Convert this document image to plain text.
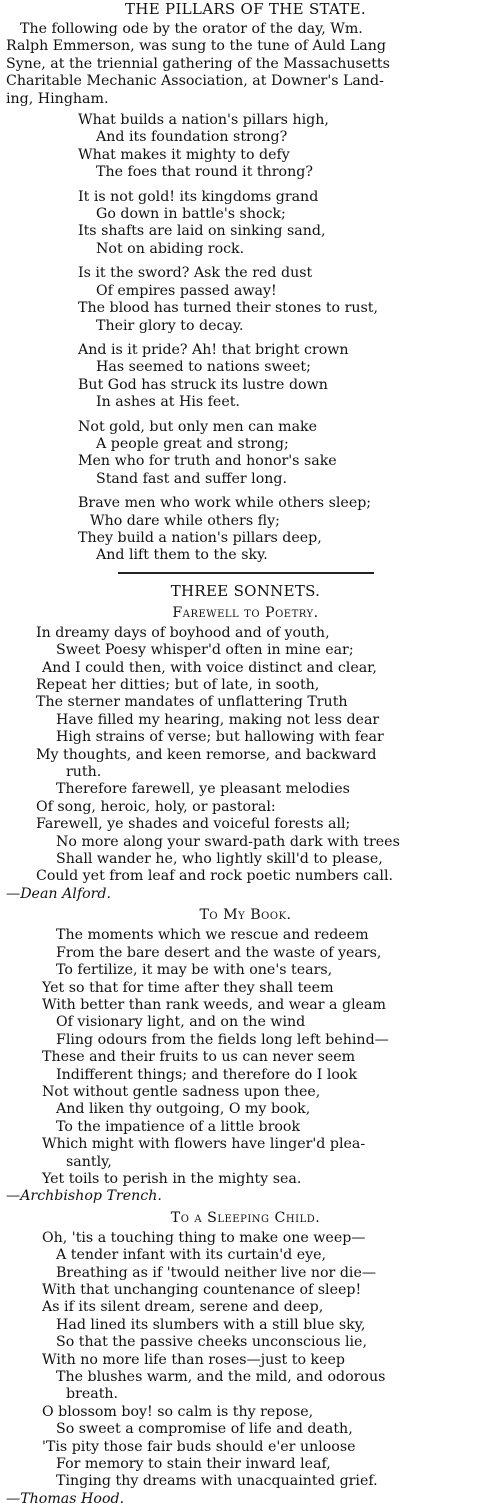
THE PILLARS OF THE STATE.
The following ode by the orator of the day, Wm.
Ralph Emmerson, was sung to the tune of Auld Lang
Syne, at the triennial gathering of the Massachusetts
Charitable Mechanic Association, at Downer's Land-
ing, Hingham.
What builds a nation's pillars high,
And its foundation strong?
What makes it mighty to defy
The foes that round it throng?
It is not gold! its kingdoms grand
Go down in battle's shock;
Its shafts are laid on sinking sand,
Not on abiding rock.
Is it the sword? Ask the red dust
Of empires passed away!
The blood has turned their stones to rust,
Their glory to decay.
And is it pride? Ah! that bright crown
Has seemed to nations sweet;
But God has struck its lustre down
In ashes at His feet.
Not gold, but only men can make
A people great and strong;
Men who for truth and honor's sake
Stand fast and suffer long.
Brave men who work while others sleep;
Who dare while others fly;
They build a nation's pillars deep,
And lift them to the sky.
THREE SONNETS.
Farewell to Poetry.
In dreamy days of boyhood and of youth,
Sweet Poesy whisper'd often in mine ear;
And I could then, with voice distinct and clear,
Repeat her ditties; but of late, in sooth,
The sterner mandates of unflattering Truth
Have filled my hearing, making not less dear
High strains of verse; but hallowing with fear
My thoughts, and keen remorse, and backward
ruth.
Therefore farewell, ye pleasant melodies
Of song, heroic, holy, or pastoral:
Farewell, ye shades and voiceful forests all;
No more along your sward-path dark with trees
Shall wander he, who lightly skill'd to please,
Could yet from leaf and rock poetic numbers call.
—Dean Alford.
To My Book.
The moments which we rescue and redeem
From the bare desert and the waste of years,
To fertilize, it may be with one's tears,
Yet so that for time after they shall teem
With better than rank weeds, and wear a gleam
Of visionary light, and on the wind
Fling odours from the fields long left behind—
These and their fruits to us can never seem
Indifferent things; and therefore do I look
Not without gentle sadness upon thee,
And liken thy outgoing, O my book,
To the impatience of a little brook
Which might with flowers have linger'd plea-
santly,
Yet toils to perish in the mighty sea.
—Archbishop Trench.
To a Sleeping Child.
Oh, 'tis a touching thing to make one weep—
A tender infant with its curtain'd eye,
Breathing as if 'twould neither live nor die—
With that unchanging countenance of sleep!
As if its silent dream, serene and deep,
Had lined its slumbers with a still blue sky,
So that the passive cheeks unconscious lie,
With no more life than roses—just to keep
The blushes warm, and the mild, and odorous
breath.
O blossom boy! so calm is thy repose,
So sweet a compromise of life and death,
'Tis pity those fair buds should e'er unloose
For memory to stain their inward leaf,
Tinging thy dreams with unacquainted grief.
—Thomas Hood.
